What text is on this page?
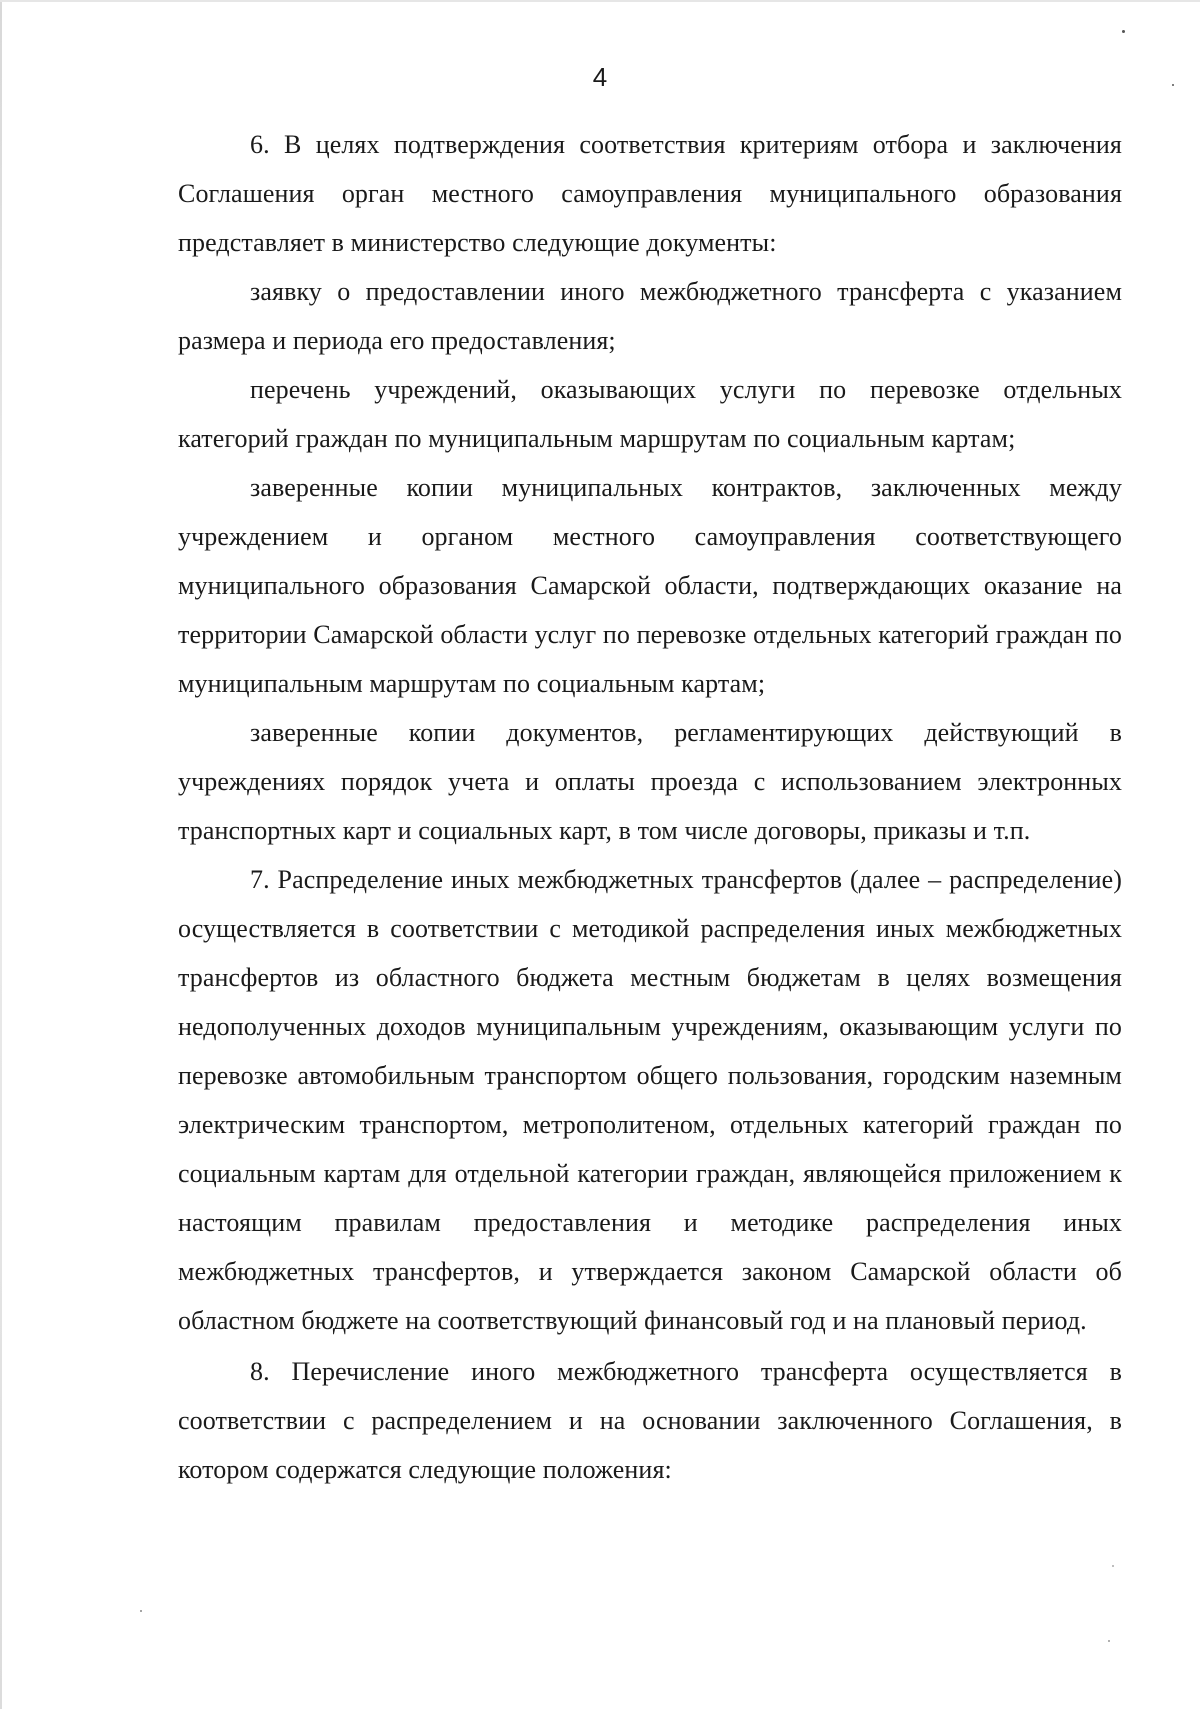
4

6. В целях подтверждения соответствия критериям отбора и заключения Соглашения орган местного самоуправления муниципального образования представляет в министерство следующие документы:

заявку о предоставлении иного межбюджетного трансферта с указанием размера и периода его предоставления;

перечень учреждений, оказывающих услуги по перевозке отдельных категорий граждан по муниципальным маршрутам по социальным картам;

заверенные копии муниципальных контрактов, заключенных между учреждением и органом местного самоуправления соответствующего муниципального образования Самарской области, подтверждающих оказание на территории Самарской области услуг по перевозке отдельных категорий граждан по муниципальным маршрутам по социальным картам;

заверенные копии документов, регламентирующих действующий в учреждениях порядок учета и оплаты проезда с использованием электронных транспортных карт и социальных карт, в том числе договоры, приказы и т.п.

7. Распределение иных межбюджетных трансфертов (далее – распределение) осуществляется в соответствии с методикой распределения иных межбюджетных трансфертов из областного бюджета местным бюджетам в целях возмещения недополученных доходов муниципальным учреждениям, оказывающим услуги по перевозке автомобильным транспортом общего пользования, городским наземным электрическим транспортом, метрополитеном, отдельных категорий граждан по социальным картам для отдельной категории граждан, являющейся приложением к настоящим правилам предоставления и методике распределения иных межбюджетных трансфертов, и утверждается законом Самарской области об областном бюджете на соответствующий финансовый год и на плановый период.

8. Перечисление иного межбюджетного трансферта осуществляется в соответствии с распределением и на основании заключенного Соглашения, в котором содержатся следующие положения:
